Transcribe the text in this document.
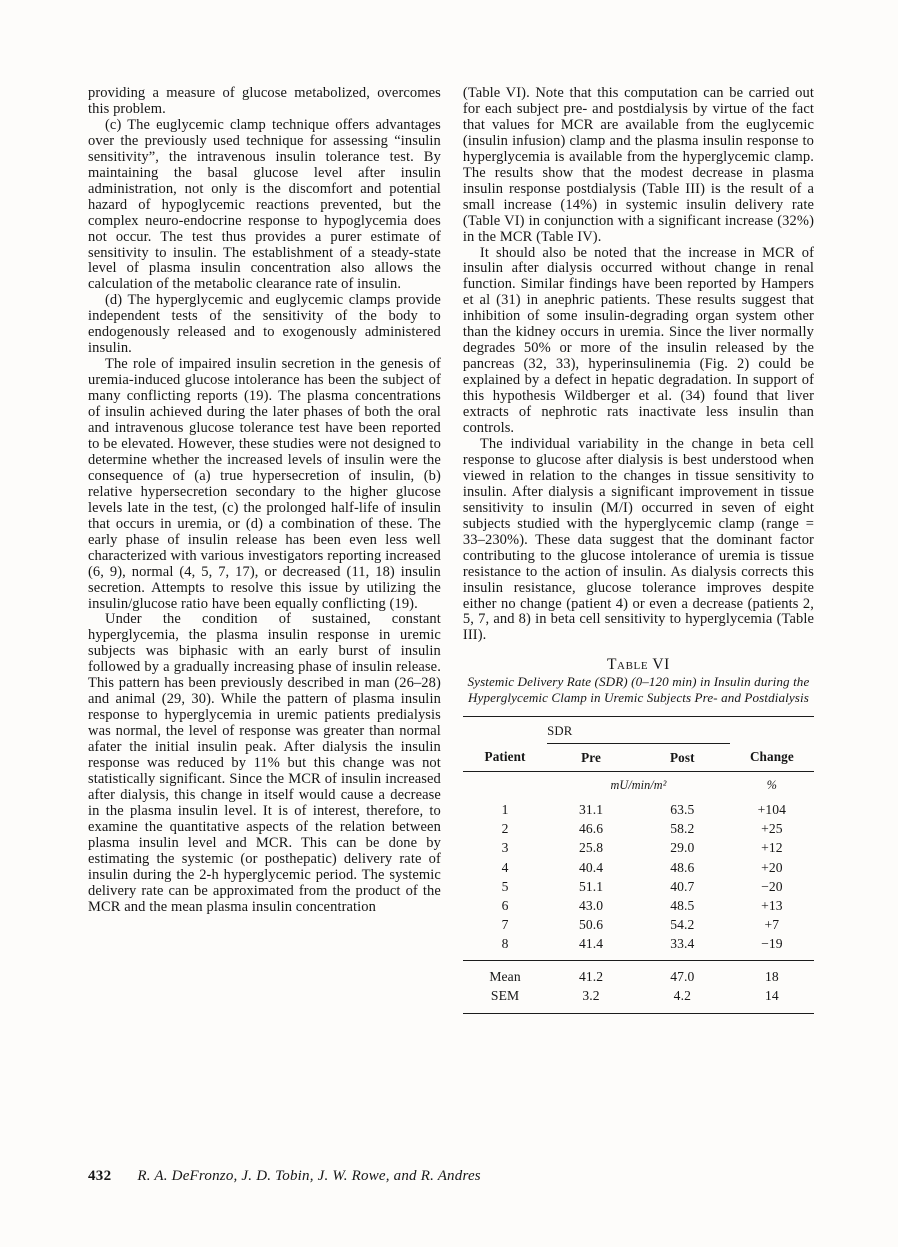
providing a measure of glucose metabolized, overcomes this problem.

(c) The euglycemic clamp technique offers advantages over the previously used technique for assessing “insulin sensitivity”, the intravenous insulin tolerance test. By maintaining the basal glucose level after insulin administration, not only is the discomfort and potential hazard of hypoglycemic reactions prevented, but the complex neuro-endocrine response to hypoglycemia does not occur. The test thus provides a purer estimate of sensitivity to insulin. The establishment of a steady-state level of plasma insulin concentration also allows the calculation of the metabolic clearance rate of insulin.

(d) The hyperglycemic and euglycemic clamps provide independent tests of the sensitivity of the body to endogenously released and to exogenously administered insulin.

The role of impaired insulin secretion in the genesis of uremia-induced glucose intolerance has been the subject of many conflicting reports (19). The plasma concentrations of insulin achieved during the later phases of both the oral and intravenous glucose tolerance test have been reported to be elevated. However, these studies were not designed to determine whether the increased levels of insulin were the consequence of (a) true hypersecretion of insulin, (b) relative hypersecretion secondary to the higher glucose levels late in the test, (c) the prolonged half-life of insulin that occurs in uremia, or (d) a combination of these. The early phase of insulin release has been even less well characterized with various investigators reporting increased (6, 9), normal (4, 5, 7, 17), or decreased (11, 18) insulin secretion. Attempts to resolve this issue by utilizing the insulin/glucose ratio have been equally conflicting (19).

Under the condition of sustained, constant hyperglycemia, the plasma insulin response in uremic subjects was biphasic with an early burst of insulin followed by a gradually increasing phase of insulin release. This pattern has been previously described in man (26–28) and animal (29, 30). While the pattern of plasma insulin response to hyperglycemia in uremic patients predialysis was normal, the level of response was greater than normal afater the initial insulin peak. After dialysis the insulin response was reduced by 11% but this change was not statistically significant. Since the MCR of insulin increased after dialysis, this change in itself would cause a decrease in the plasma insulin level. It is of interest, therefore, to examine the quantitative aspects of the relation between plasma insulin level and MCR. This can be done by estimating the systemic (or posthepatic) delivery rate of insulin during the 2-h hyperglycemic period. The systemic delivery rate can be approximated from the product of the MCR and the mean plasma insulin concentration

(Table VI). Note that this computation can be carried out for each subject pre- and postdialysis by virtue of the fact that values for MCR are available from the euglycemic (insulin infusion) clamp and the plasma insulin response to hyperglycemia is available from the hyperglycemic clamp. The results show that the modest decrease in plasma insulin response postdialysis (Table III) is the result of a small increase (14%) in systemic insulin delivery rate (Table VI) in conjunction with a significant increase (32%) in the MCR (Table IV).

It should also be noted that the increase in MCR of insulin after dialysis occurred without change in renal function. Similar findings have been reported by Hampers et al (31) in anephric patients. These results suggest that inhibition of some insulin-degrading organ system other than the kidney occurs in uremia. Since the liver normally degrades 50% or more of the insulin released by the pancreas (32, 33), hyperinsulinemia (Fig. 2) could be explained by a defect in hepatic degradation. In support of this hypothesis Wildberger et al. (34) found that liver extracts of nephrotic rats inactivate less insulin than controls.

The individual variability in the change in beta cell response to glucose after dialysis is best understood when viewed in relation to the changes in tissue sensitivity to insulin. After dialysis a significant improvement in tissue sensitivity to insulin (M/I) occurred in seven of eight subjects studied with the hyperglycemic clamp (range = 33–230%). These data suggest that the dominant factor contributing to the glucose intolerance of uremia is tissue resistance to the action of insulin. As dialysis corrects this insulin resistance, glucose tolerance improves despite either no change (patient 4) or even a decrease (patients 2, 5, 7, and 8) in beta cell sensitivity to hyperglycemia (Table III).

Table VI
Systemic Delivery Rate (SDR) (0–120 min) in Insulin during the Hyperglycemic Clamp in Uremic Subjects Pre- and Postdialysis
	SDR		
Patient	Pre	Post	Change
	mU/min/m²		%
1	31.1	63.5	+104
2	46.6	58.2	+25
3	25.8	29.0	+12
4	40.4	48.6	+20
5	51.1	40.7	−20
6	43.0	48.5	+13
7	50.6	54.2	+7
8	41.4	33.4	−19
Mean	41.2	47.0	18
SEM	3.2	4.2	14
432 R. A. DeFronzo, J. D. Tobin, J. W. Rowe, and R. Andres
